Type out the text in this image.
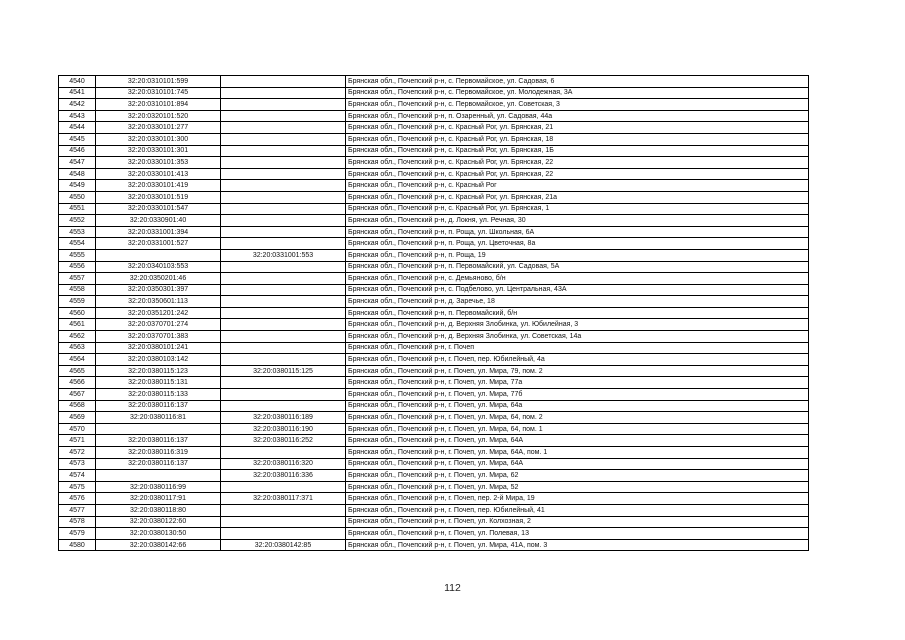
4540	32:20:0310101:599		Брянская обл., Почепский р-н, с. Первомайское, ул. Садовая, 6
4541	32:20:0310101:745		Брянская обл., Почепский р-н, с. Первомайское, ул. Молодежная, 3А
4542	32:20:0310101:894		Брянская обл., Почепский р-н, с. Первомайское, ул. Советская, 3
4543	32:20:0320101:520		Брянская обл., Почепский р-н, п. Озаренный, ул. Садовая, 44а
4544	32:20:0330101:277		Брянская обл., Почепский р-н, с. Красный Рог, ул. Брянская, 21
4545	32:20:0330101:300		Брянская обл., Почепский р-н, с. Красный Рог, ул. Брянская, 18
4546	32:20:0330101:301		Брянская обл., Почепский р-н, с. Красный Рог, ул. Брянская, 1Б
4547	32:20:0330101:353		Брянская обл., Почепский р-н, с. Красный Рог, ул. Брянская, 22
4548	32:20:0330101:413		Брянская обл., Почепский р-н, с. Красный Рог, ул. Брянская, 22
4549	32:20:0330101:419		Брянская обл., Почепский р-н, с. Красный Рог
4550	32:20:0330101:519		Брянская обл., Почепский р-н, с. Красный Рог, ул. Брянская, 21а
4551	32:20:0330101:547		Брянская обл., Почепский р-н, с. Красный Рог, ул. Брянская, 1
4552	32:20:0330901:40		Брянская обл., Почепский р-н, д. Локня, ул. Речная, 30
4553	32:20:0331001:394		Брянская обл., Почепский р-н, п. Роща, ул. Школьная, 6А
4554	32:20:0331001:527		Брянская обл., Почепский р-н, п. Роща, ул. Цветочная, 8а
4555		32:20:0331001:553	Брянская обл., Почепский р-н, п. Роща, 19
4556	32:20:0340103:553		Брянская обл., Почепский р-н, п. Первомайский, ул. Садовая, 5А
4557	32:20:0350201:46		Брянская обл., Почепский р-н, с. Демьяново, б/н
4558	32:20:0350301:397		Брянская обл., Почепский р-н, с. Подбелово, ул. Центральная, 43А
4559	32:20:0350601:113		Брянская обл., Почепский р-н, д. Заречье, 18
4560	32:20:0351201:242		Брянская обл., Почепский р-н, п. Первомайский, б/н
4561	32:20:0370701:274		Брянская обл., Почепский р-н, д. Верхняя Злобинка, ул. Юбилейная, 3
4562	32:20:0370701:383		Брянская обл., Почепский р-н, д. Верхняя Злобинка, ул. Советская, 14а
4563	32:20:0380101:241		Брянская обл., Почепский р-н, г. Почеп
4564	32:20:0380103:142		Брянская обл., Почепский р-н, г. Почеп, пер. Юбилейный, 4а
4565	32:20:0380115:123	32:20:0380115:125	Брянская обл., Почепский р-н, г. Почеп, ул. Мира, 79, пом. 2
4566	32:20:0380115:131		Брянская обл., Почепский р-н, г. Почеп, ул. Мира, 77а
4567	32:20:0380115:133		Брянская обл., Почепский р-н, г. Почеп, ул. Мира, 77б
4568	32:20:0380116:137		Брянская обл., Почепский р-н, г. Почеп, ул. Мира, 64а
4569	32:20:0380116:81	32:20:0380116:189	Брянская обл., Почепский р-н, г. Почеп, ул. Мира, 64, пом. 2
4570		32:20:0380116:190	Брянская обл., Почепский р-н, г. Почеп, ул. Мира, 64, пом. 1
4571	32:20:0380116:137	32:20:0380116:252	Брянская обл., Почепский р-н, г. Почеп, ул. Мира, 64А
4572	32:20:0380116:319		Брянская обл., Почепский р-н, г. Почеп, ул. Мира, 64А, пом. 1
4573	32:20:0380116:137	32:20:0380116:320	Брянская обл., Почепский р-н, г. Почеп, ул. Мира, 64А
4574		32:20:0380116:336	Брянская обл., Почепский р-н, г. Почеп, ул. Мира, 62
4575	32:20:0380116:99		Брянская обл., Почепский р-н, г. Почеп, ул. Мира, 52
4576	32:20:0380117:91	32:20:0380117:371	Брянская обл., Почепский р-н, г. Почеп, пер. 2-й Мира, 19
4577	32:20:0380118:80		Брянская обл., Почепский р-н, г. Почеп, пер. Юбилейный, 41
4578	32:20:0380122:60		Брянская обл., Почепский р-н, г. Почеп, ул. Колхозная, 2
4579	32:20:0380130:50		Брянская обл., Почепский р-н, г. Почеп, ул. Полевая, 13
4580	32:20:0380142:66	32:20:0380142:85	Брянская обл., Почепский р-н, г. Почеп, ул. Мира, 41А, пом. 3
112
